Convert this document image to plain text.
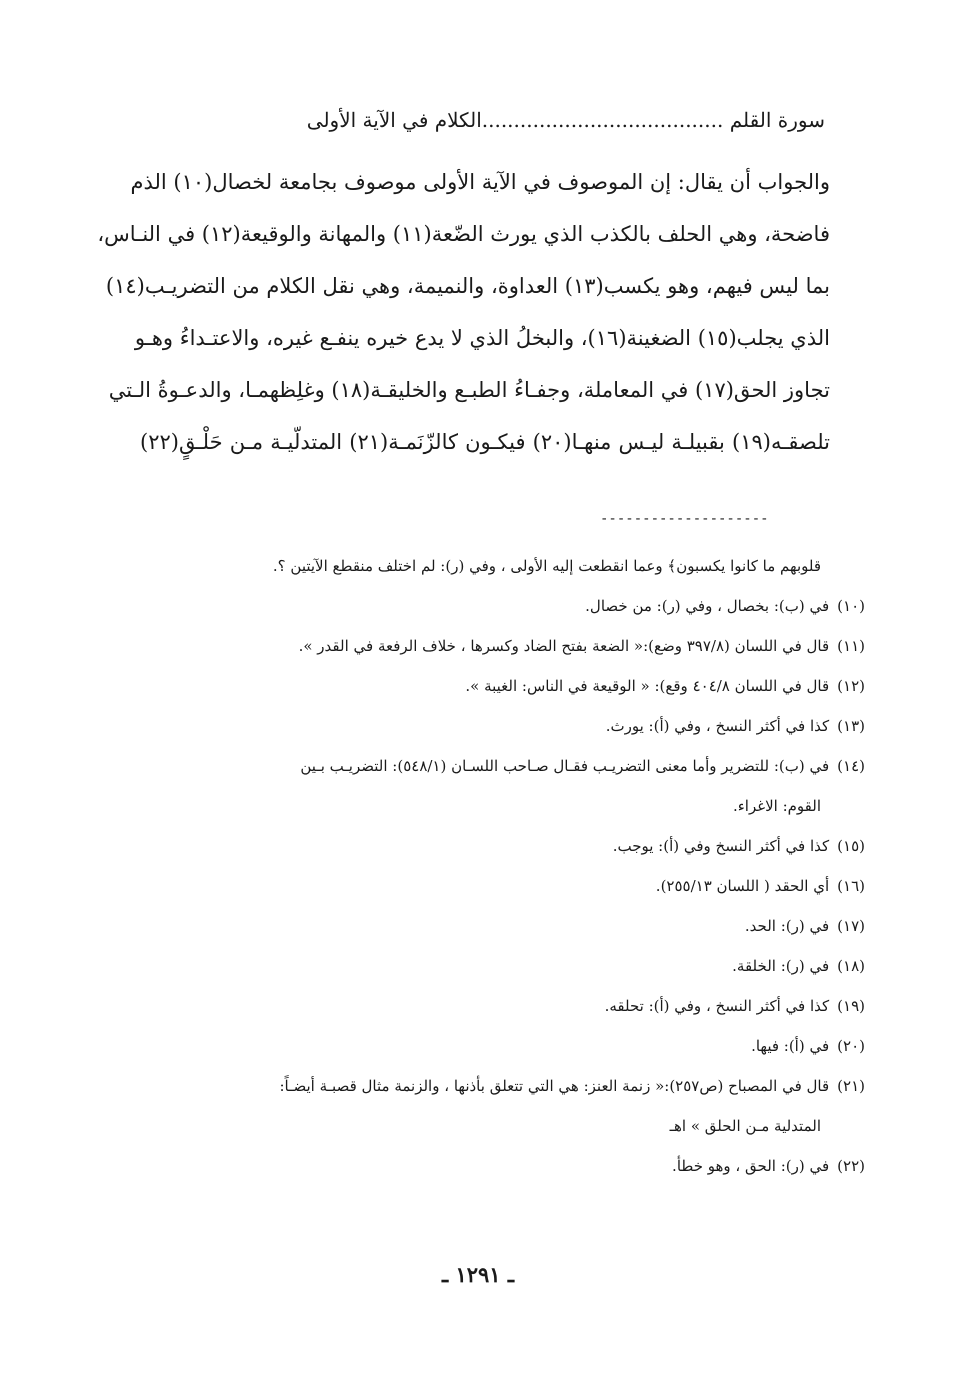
سورة القلم ......................................الكلام في الآية الأولى
والجواب أن يقال: إن الموصوف في الآية الأولى موصوف بجامعة لخصال(١٠) الذم
فاضحة، وهي الحلف بالكذب الذي يورث الضّعة(١١) والمهانة والوقيعة(١٢) في النـاس،
بما ليس فيهم، وهو يكسب(١٣) العداوة، والنميمة، وهي نقل الكلام من التضريـب(١٤)
الذي يجلب(١٥) الضغينة(١٦)، والبخلُ الذي لا يدع خيره ينفـع غيره، والاعتـداءُ وهـو
تجاوز الحق(١٧) في المعاملة، وجفـاءُ الطبـع والخليقـة(١٨) وغلِظهمـا، والدعـوةُ الـتي
تلصقـه(١٩) بقبيلـة ليـس منهـا(٢٠) فيكـون كالزّنَمـة(٢١) المتدلّيـة مـن حَلْـقٍ(٢٢)
--------------------
قلوبهم ما كانوا يكسبون﴾ وعما انقطعت إليه الأولى ، وفي (ر): لم اختلف منقطع الآيتين ؟.
(١٠)في (ب): بخصال ، وفي (ر): من خصال.
(١١)قال في اللسان (٣٩٧/٨ وضع):« الضعة بفتح الضاد وكسرها ، خلاف الرفعة في القدر ».
(١٢)قال في اللسان ٤٠٤/٨ وقع): « الوقيعة في الناس: الغيبة ».
(١٣)كذا في أكثر النسخ ، وفي (أ): يورث.
(١٤)في (ب): للتضرير وأما معنى التضريـب فقـال صـاحب اللسـان (٥٤٨/١): التضريـب بـين
القوم: الاغراء.
(١٥)كذا في أكثر النسخ وفي (أ): يوجب.
(١٦)أي الحقد ( اللسان ٢٥٥/١٣).
(١٧)في (ر): الحد.
(١٨)في (ر): الخلقة.
(١٩)كذا في أكثر النسخ ، وفي (أ): تحلقه.
(٢٠)في (أ): فيها.
(٢١)قال في المصباح (ص٢٥٧):« زنمة العنز: هي التي تتعلق بأذنها ، والزنمة مثال قصبـة أيضـاً:
المتدلية مـن الحلق » اهـ
(٢٢)في (ر): الحق ، وهو خطأ.
ـ ١٢٩١ ـ
